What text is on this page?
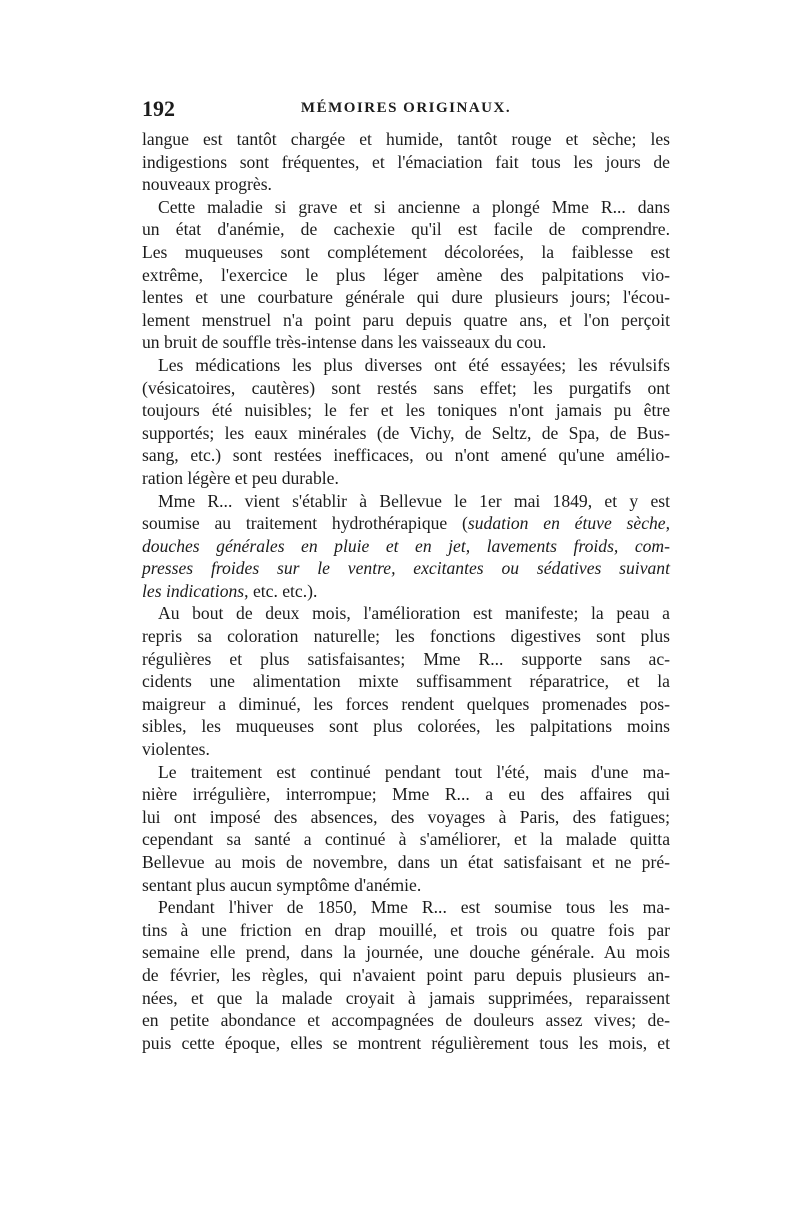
192	MÉMOIRES ORIGINAUX.

langue est tantôt chargée et humide, tantôt rouge et sèche; les
indigestions sont fréquentes, et l'émaciation fait tous les jours de
nouveaux progrès.

Cette maladie si grave et si ancienne a plongé Mme R... dans
un état d'anémie, de cachexie qu'il est facile de comprendre.
Les muqueuses sont complétement décolorées, la faiblesse est
extrême, l'exercice le plus léger amène des palpitations vio-
lentes et une courbature générale qui dure plusieurs jours; l'écou-
lement menstruel n'a point paru depuis quatre ans, et l'on perçoit
un bruit de souffle très-intense dans les vaisseaux du cou.

Les médications les plus diverses ont été essayées; les révulsifs
(vésicatoires, cautères) sont restés sans effet; les purgatifs ont
toujours été nuisibles; le fer et les toniques n'ont jamais pu être
supportés; les eaux minérales (de Vichy, de Seltz, de Spa, de Bus-
sang, etc.) sont restées inefficaces, ou n'ont amené qu'une amélio-
ration légère et peu durable.

Mme R... vient s'établir à Bellevue le 1er mai 1849, et y est
soumise au traitement hydrothérapique (sudation en étuve sèche,
douches générales en pluie et en jet, lavements froids, com-
presses froides sur le ventre, excitantes ou sédatives suivant
les indications, etc. etc.).

Au bout de deux mois, l'amélioration est manifeste; la peau a
repris sa coloration naturelle; les fonctions digestives sont plus
régulières et plus satisfaisantes; Mme R... supporte sans ac-
cidents une alimentation mixte suffisamment réparatrice, et la
maigreur a diminué, les forces rendent quelques promenades pos-
sibles, les muqueuses sont plus colorées, les palpitations moins
violentes.

Le traitement est continué pendant tout l'été, mais d'une ma-
nière irrégulière, interrompue; Mme R... a eu des affaires qui
lui ont imposé des absences, des voyages à Paris, des fatigues;
cependant sa santé a continué à s'améliorer, et la malade quitta
Bellevue au mois de novembre, dans un état satisfaisant et ne pré-
sentant plus aucun symptôme d'anémie.

Pendant l'hiver de 1850, Mme R... est soumise tous les ma-
tins à une friction en drap mouillé, et trois ou quatre fois par
semaine elle prend, dans la journée, une douche générale. Au mois
de février, les règles, qui n'avaient point paru depuis plusieurs an-
nées, et que la malade croyait à jamais supprimées, reparaissent
en petite abondance et accompagnées de douleurs assez vives; de-
puis cette époque, elles se montrent régulièrement tous les mois, et
